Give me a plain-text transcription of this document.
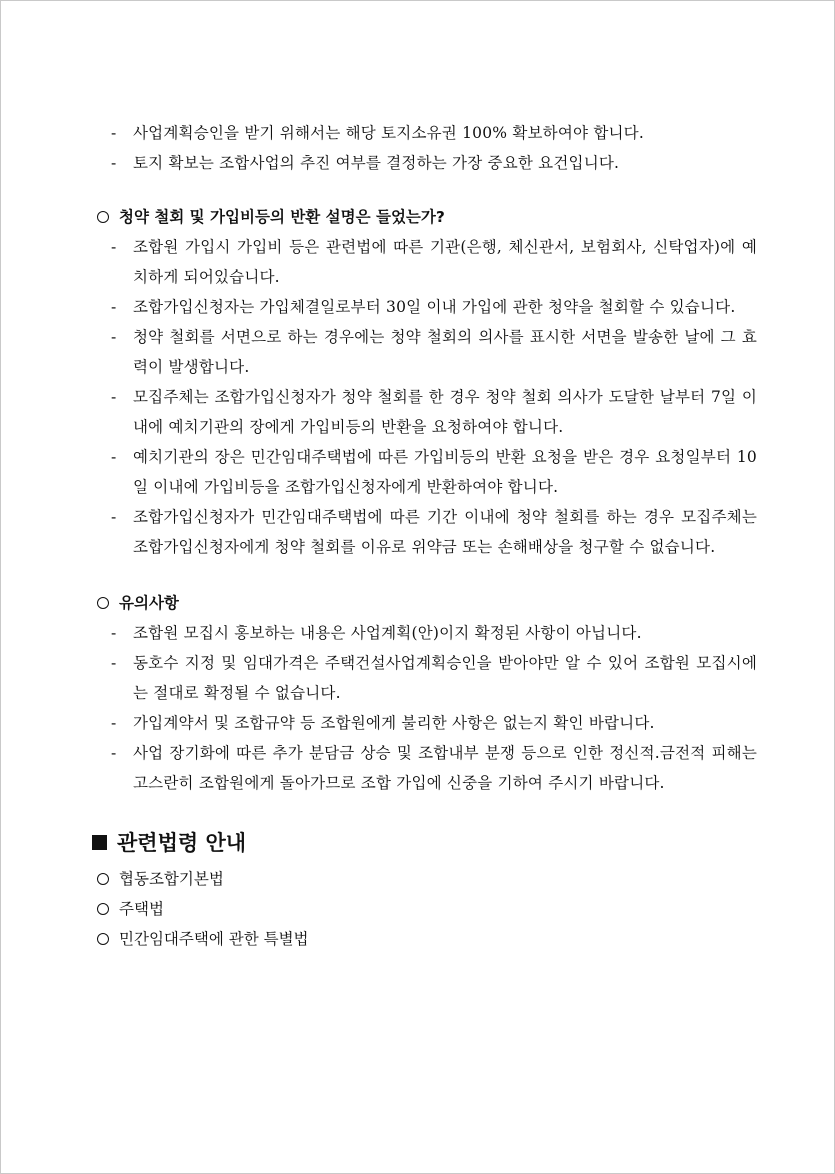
- 사업계획승인을 받기 위해서는 해당 토지소유권 100% 확보하여야 합니다.
- 토지 확보는 조합사업의 추진 여부를 결정하는 가장 중요한 요건입니다.
청약 철회 및 가입비등의 반환 설명은 들었는가?
- 조합원 가입시 가입비 등은 관련법에 따른 기관(은행, 체신관서, 보험회사, 신탁업자)에 예치하게 되어있습니다.
- 조합가입신청자는 가입체결일로부터 30일 이내 가입에 관한 청약을 철회할 수 있습니다.
- 청약 철회를 서면으로 하는 경우에는 청약 철회의 의사를 표시한 서면을 발송한 날에 그 효력이 발생합니다.
- 모집주체는 조합가입신청자가 청약 철회를 한 경우 청약 철회 의사가 도달한 날부터 7일 이내에 예치기관의 장에게 가입비등의 반환을 요청하여야 합니다.
- 예치기관의 장은 민간임대주택법에 따른 가입비등의 반환 요청을 받은 경우 요청일부터 10일 이내에 가입비등을 조합가입신청자에게 반환하여야 합니다.
- 조합가입신청자가 민간임대주택법에 따른 기간 이내에 청약 철회를 하는 경우 모집주체는 조합가입신청자에게 청약 철회를 이유로 위약금 또는 손해배상을 청구할 수 없습니다.
유의사항
- 조합원 모집시 홍보하는 내용은 사업계획(안)이지 확정된 사항이 아닙니다.
- 동호수 지정 및 임대가격은 주택건설사업계획승인을 받아야만 알 수 있어 조합원 모집시에는 절대로 확정될 수 없습니다.
- 가입계약서 및 조합규약 등 조합원에게 불리한 사항은 없는지 확인 바랍니다.
- 사업 장기화에 따른 추가 분담금 상승 및 조합내부 분쟁 등으로 인한 정신적.금전적 피해는 고스란히 조합원에게 돌아가므로 조합 가입에 신중을 기하여 주시기 바랍니다.
관련법령 안내
협동조합기본법
주택법
민간임대주택에 관한 특별법
